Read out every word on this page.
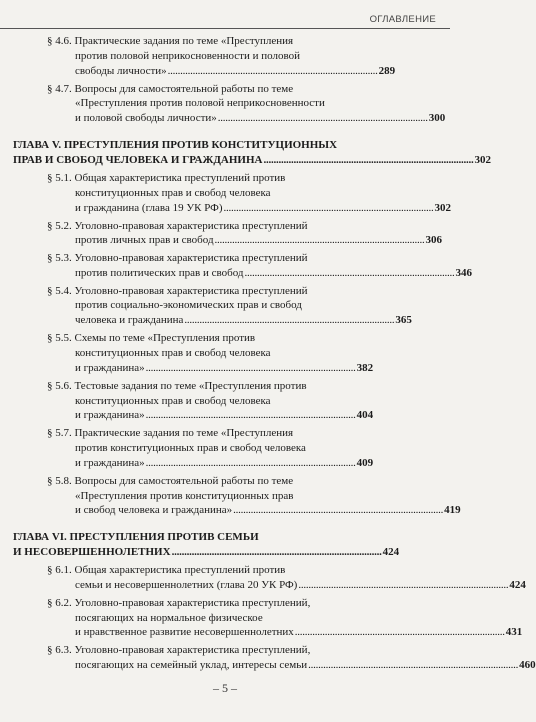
ОГЛАВЛЕНИЕ
§ 4.6. Практические задания по теме «Преступления
против половой неприкосновенности и половой
свободы личности» . . .	289
§ 4.7. Вопросы для самостоятельной работы по теме
«Преступления против половой неприкосновенности
и половой свободы личности» . . .	300
ГЛАВА V. ПРЕСТУПЛЕНИЯ ПРОТИВ КОНСТИТУЦИОННЫХ
ПРАВ И СВОБОД ЧЕЛОВЕКА И ГРАЖДАНИНА . . .	302
§ 5.1. Общая характеристика преступлений против
конституционных прав и свобод человека
и гражданина (глава 19 УК РФ) . . .	302
§ 5.2. Уголовно-правовая характеристика преступлений
против личных прав и свобод . . .	306
§ 5.3. Уголовно-правовая характеристика преступлений
против политических прав и свобод . . .	346
§ 5.4. Уголовно-правовая характеристика преступлений
против социально-экономических прав и свобод
человека и гражданина . . .	365
§ 5.5. Схемы по теме «Преступления против
конституционных прав и свобод человека
и гражданина» . . .	382
§ 5.6. Тестовые задания по теме «Преступления против
конституционных прав и свобод человека
и гражданина» . . .	404
§ 5.7. Практические задания по теме «Преступления
против конституционных прав и свобод человека
и гражданина» . . .	409
§ 5.8. Вопросы для самостоятельной работы по теме
«Преступления против конституционных прав
и свобод человека и гражданина» . . .	419
ГЛАВА VI. ПРЕСТУПЛЕНИЯ ПРОТИВ СЕМЬИ
И НЕСОВЕРШЕННОЛЕТНИХ . . .	424
§ 6.1. Общая характеристика преступлений против
семьи и несовершеннолетних (глава 20 УК РФ) . . .	424
§ 6.2. Уголовно-правовая характеристика преступлений,
посягающих на нормальное физическое
и нравственное развитие несовершеннолетних . . .	431
§ 6.3. Уголовно-правовая характеристика преступлений,
посягающих на семейный уклад, интересы семьи . . .	460
– 5 –
